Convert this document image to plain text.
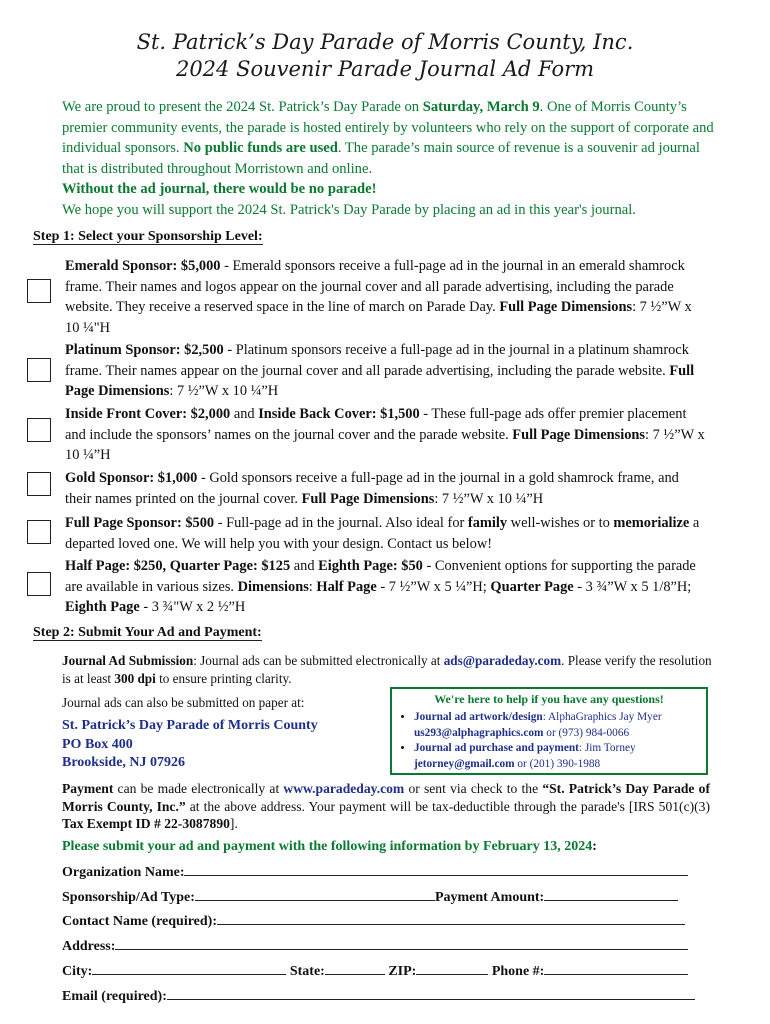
St. Patrick’s Day Parade of Morris County, Inc.
2024 Souvenir Parade Journal Ad Form
We are proud to present the 2024 St. Patrick’s Day Parade on Saturday, March 9. One of Morris County’s premier community events, the parade is hosted entirely by volunteers who rely on the support of corporate and individual sponsors. No public funds are used. The parade’s main source of revenue is a souvenir ad journal that is distributed throughout Morristown and online.
Without the ad journal, there would be no parade!
We hope you will support the 2024 St. Patrick's Day Parade by placing an ad in this year's journal.
Step 1: Select your Sponsorship Level:
Emerald Sponsor: $5,000 - Emerald sponsors receive a full-page ad in the journal in an emerald shamrock frame. Their names and logos appear on the journal cover and all parade advertising, including the parade website. They receive a reserved space in the line of march on Parade Day. Full Page Dimensions: 7 ½”W x 10 ¼"H
Platinum Sponsor: $2,500 - Platinum sponsors receive a full-page ad in the journal in a platinum shamrock frame. Their names appear on the journal cover and all parade advertising, including the parade website. Full Page Dimensions: 7 ½”W x 10 ¼”H
Inside Front Cover: $2,000 and Inside Back Cover: $1,500 - These full-page ads offer premier placement and include the sponsors’ names on the journal cover and the parade website. Full Page Dimensions: 7 ½”W x 10 ¼”H
Gold Sponsor: $1,000 - Gold sponsors receive a full-page ad in the journal in a gold shamrock frame, and their names printed on the journal cover. Full Page Dimensions: 7 ½”W x 10 ¼”H
Full Page Sponsor: $500 - Full-page ad in the journal. Also ideal for family well-wishes or to memorialize a departed loved one. We will help you with your design. Contact us below!
Half Page: $250, Quarter Page: $125 and Eighth Page: $50 - Convenient options for supporting the parade are available in various sizes. Dimensions: Half Page - 7 ½”W x 5 ¼”H; Quarter Page - 3 ¾”W x 5 1/8”H; Eighth Page - 3 ¾"W x 2 ½”H
Step 2: Submit Your Ad and Payment:
Journal Ad Submission: Journal ads can be submitted electronically at ads@paradeday.com. Please verify the resolution is at least 300 dpi to ensure printing clarity.
Journal ads can also be submitted on paper at:
St. Patrick’s Day Parade of Morris County
PO Box 400
Brookside, NJ 07926
We're here to help if you have any questions!
• Journal ad artwork/design: AlphaGraphics Jay Myer
us293@alphagraphics.com or (973) 984-0066
• Journal ad purchase and payment: Jim Torney
jetorney@gmail.com or (201) 390-1988
Payment can be made electronically at www.paradeday.com or sent via check to the “St. Patrick’s Day Parade of Morris County, Inc.” at the above address. Your payment will be tax-deductible through the parade's [IRS 501(c)(3) Tax Exempt ID # 22-3087890].
Please submit your ad and payment with the following information by February 13, 2024:
Organization Name:
Sponsorship/Ad Type:	Payment Amount:
Contact Name (required):
Address:
City:	State:	ZIP:	Phone #:
Email (required):
